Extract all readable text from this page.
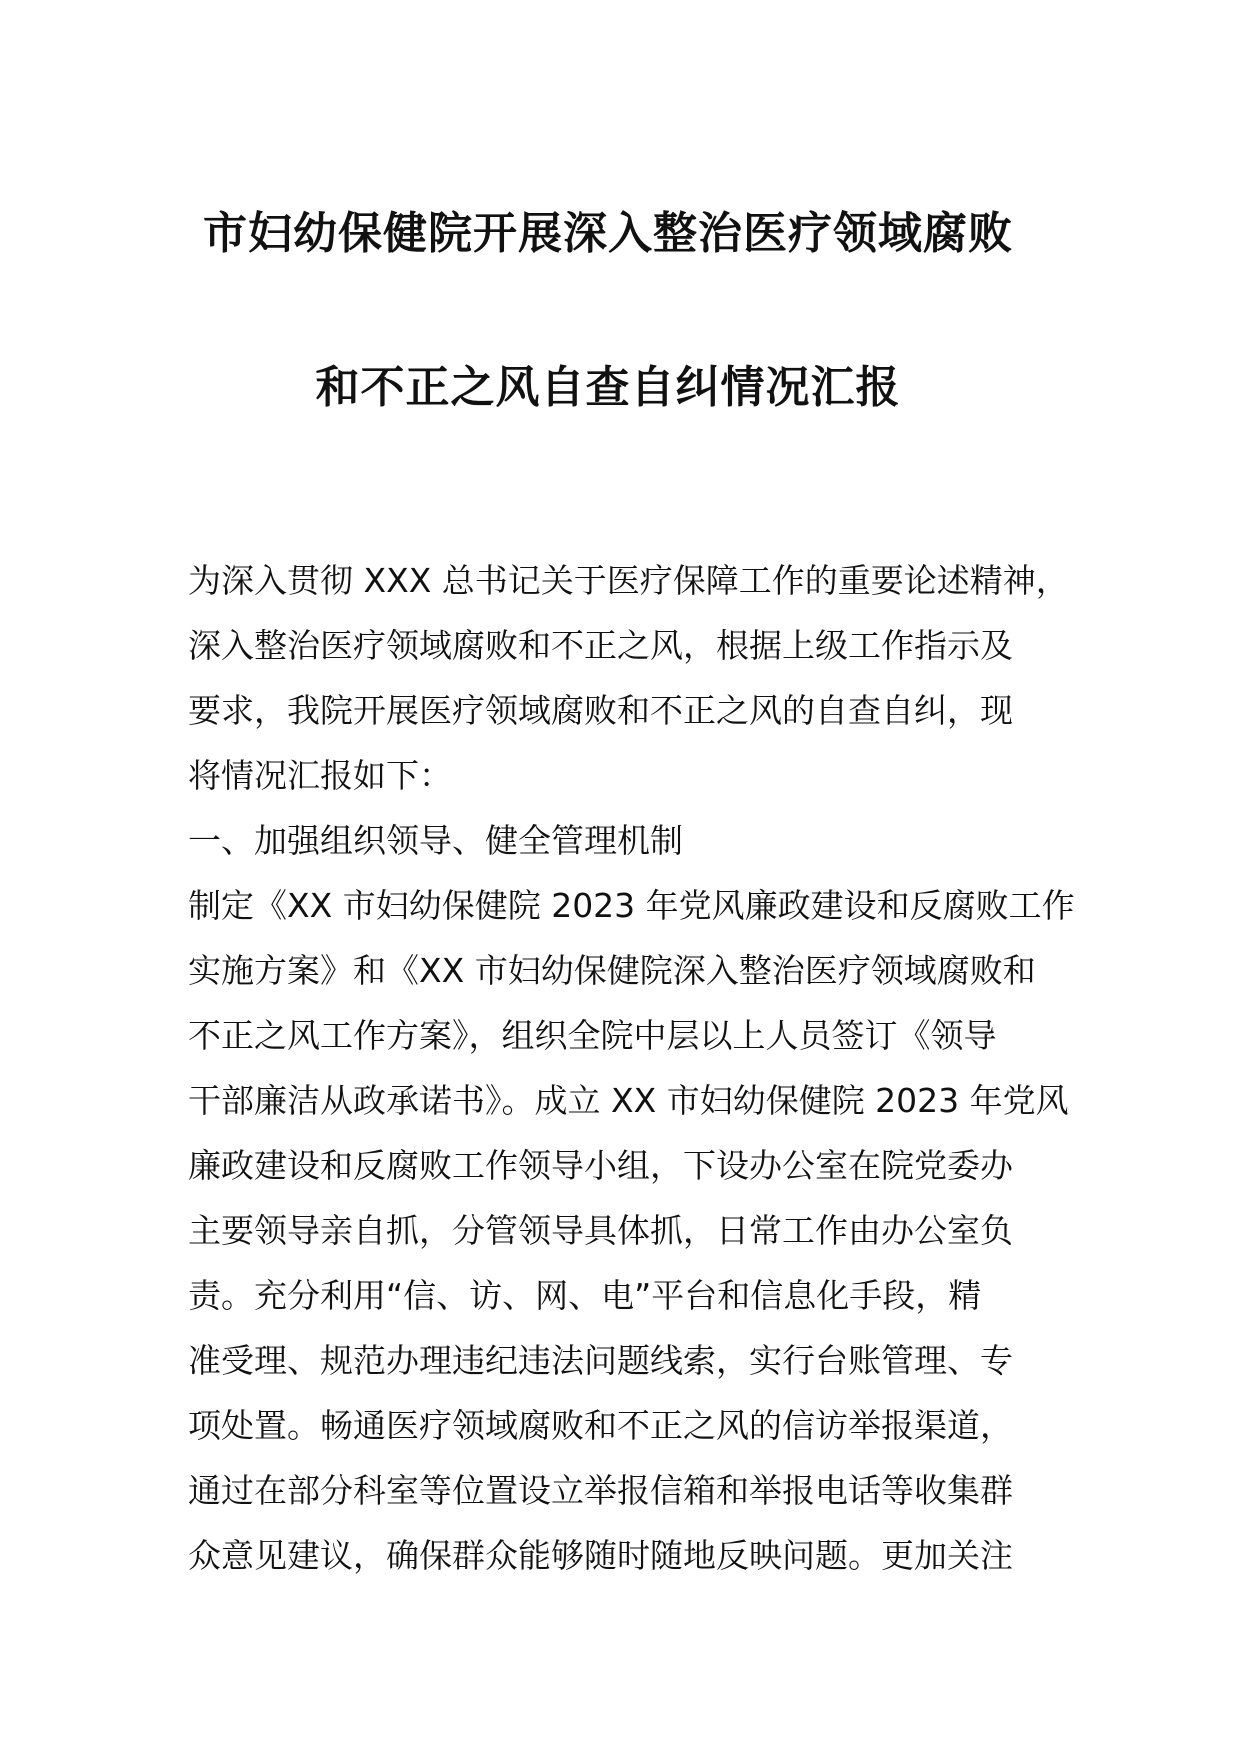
市妇幼保健院开展深入整治医疗领域腐败
和不正之风自查自纠情况汇报
为深入贯彻 XXX 总书记关于医疗保障工作的重要论述精神，
深入整治医疗领域腐败和不正之风，根据上级工作指示及
要求，我院开展医疗领域腐败和不正之风的自查自纠，现
将情况汇报如下：
一、加强组织领导、健全管理机制
制定《XX 市妇幼保健院 2023 年党风廉政建设和反腐败工作
实施方案》和《XX 市妇幼保健院深入整治医疗领域腐败和
不正之风工作方案》，组织全院中层以上人员签订《领导
干部廉洁从政承诺书》。成立 XX 市妇幼保健院 2023 年党风
廉政建设和反腐败工作领导小组，下设办公室在院党委办
主要领导亲自抓，分管领导具体抓，日常工作由办公室负
责。充分利用“信、访、网、电”平台和信息化手段，精
准受理、规范办理违纪违法问题线索，实行台账管理、专
项处置。畅通医疗领域腐败和不正之风的信访举报渠道，
通过在部分科室等位置设立举报信箱和举报电话等收集群
众意见建议，确保群众能够随时随地反映问题。更加关注
